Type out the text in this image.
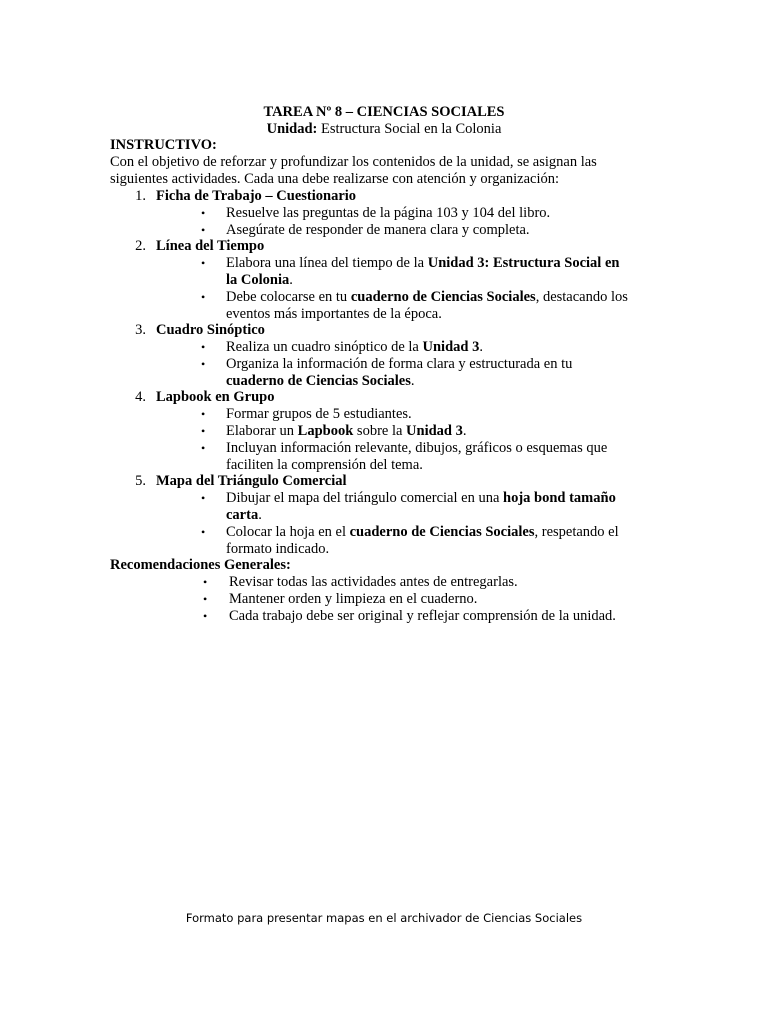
TAREA Nº 8 – CIENCIAS SOCIALES
Unidad: Estructura Social en la Colonia
INSTRUCTIVO:
Con el objetivo de reforzar y profundizar los contenidos de la unidad, se asignan las
siguientes actividades. Cada una debe realizarse con atención y organización:
1. Ficha de Trabajo – Cuestionario
• Resuelve las preguntas de la página 103 y 104 del libro.
• Asegúrate de responder de manera clara y completa.
2. Línea del Tiempo
• Elabora una línea del tiempo de la Unidad 3: Estructura Social en
la Colonia.
• Debe colocarse en tu cuaderno de Ciencias Sociales, destacando los
eventos más importantes de la época.
3. Cuadro Sinóptico
• Realiza un cuadro sinóptico de la Unidad 3.
• Organiza la información de forma clara y estructurada en tu
cuaderno de Ciencias Sociales.
4. Lapbook en Grupo
• Formar grupos de 5 estudiantes.
• Elaborar un Lapbook sobre la Unidad 3.
• Incluyan información relevante, dibujos, gráficos o esquemas que
faciliten la comprensión del tema.
5. Mapa del Triángulo Comercial
• Dibujar el mapa del triángulo comercial en una hoja bond tamaño
carta.
• Colocar la hoja en el cuaderno de Ciencias Sociales, respetando el
formato indicado.
Recomendaciones Generales:
• Revisar todas las actividades antes de entregarlas.
• Mantener orden y limpieza en el cuaderno.
• Cada trabajo debe ser original y reflejar comprensión de la unidad.
Formato para presentar mapas en el archivador de Ciencias Sociales
